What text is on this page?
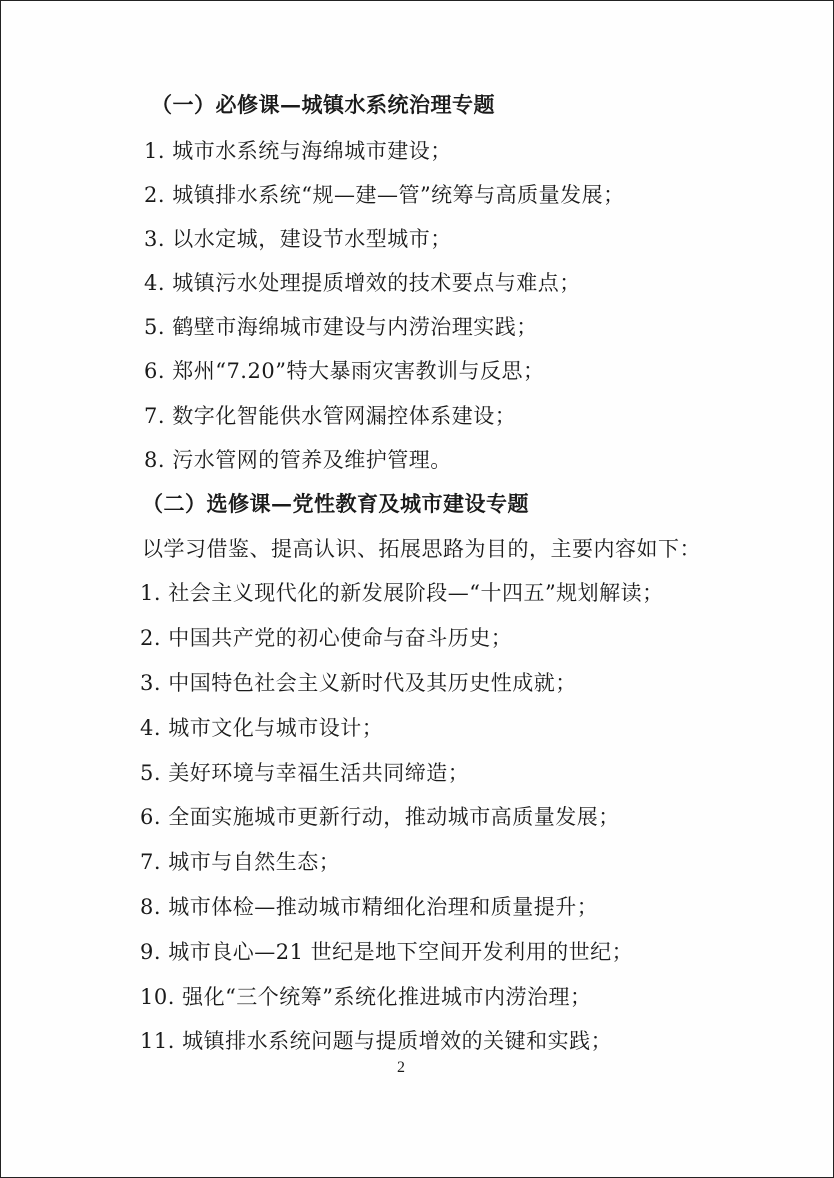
（一）必修课—城镇水系统治理专题
1. 城市水系统与海绵城市建设；
2. 城镇排水系统“规—建—管”统筹与高质量发展；
3. 以水定城，建设节水型城市；
4. 城镇污水处理提质增效的技术要点与难点；
5. 鹤壁市海绵城市建设与内涝治理实践；
6. 郑州“7.20”特大暴雨灾害教训与反思；
7. 数字化智能供水管网漏控体系建设；
8. 污水管网的管养及维护管理。
（二）选修课—党性教育及城市建设专题
以学习借鉴、提高认识、拓展思路为目的，主要内容如下：
1. 社会主义现代化的新发展阶段—“十四五”规划解读；
2. 中国共产党的初心使命与奋斗历史；
3. 中国特色社会主义新时代及其历史性成就；
4. 城市文化与城市设计；
5. 美好环境与幸福生活共同缔造；
6. 全面实施城市更新行动，推动城市高质量发展；
7. 城市与自然生态；
8. 城市体检—推动城市精细化治理和质量提升；
9. 城市良心—21 世纪是地下空间开发利用的世纪；
10. 强化“三个统筹”系统化推进城市内涝治理；
11. 城镇排水系统问题与提质增效的关键和实践；
2
